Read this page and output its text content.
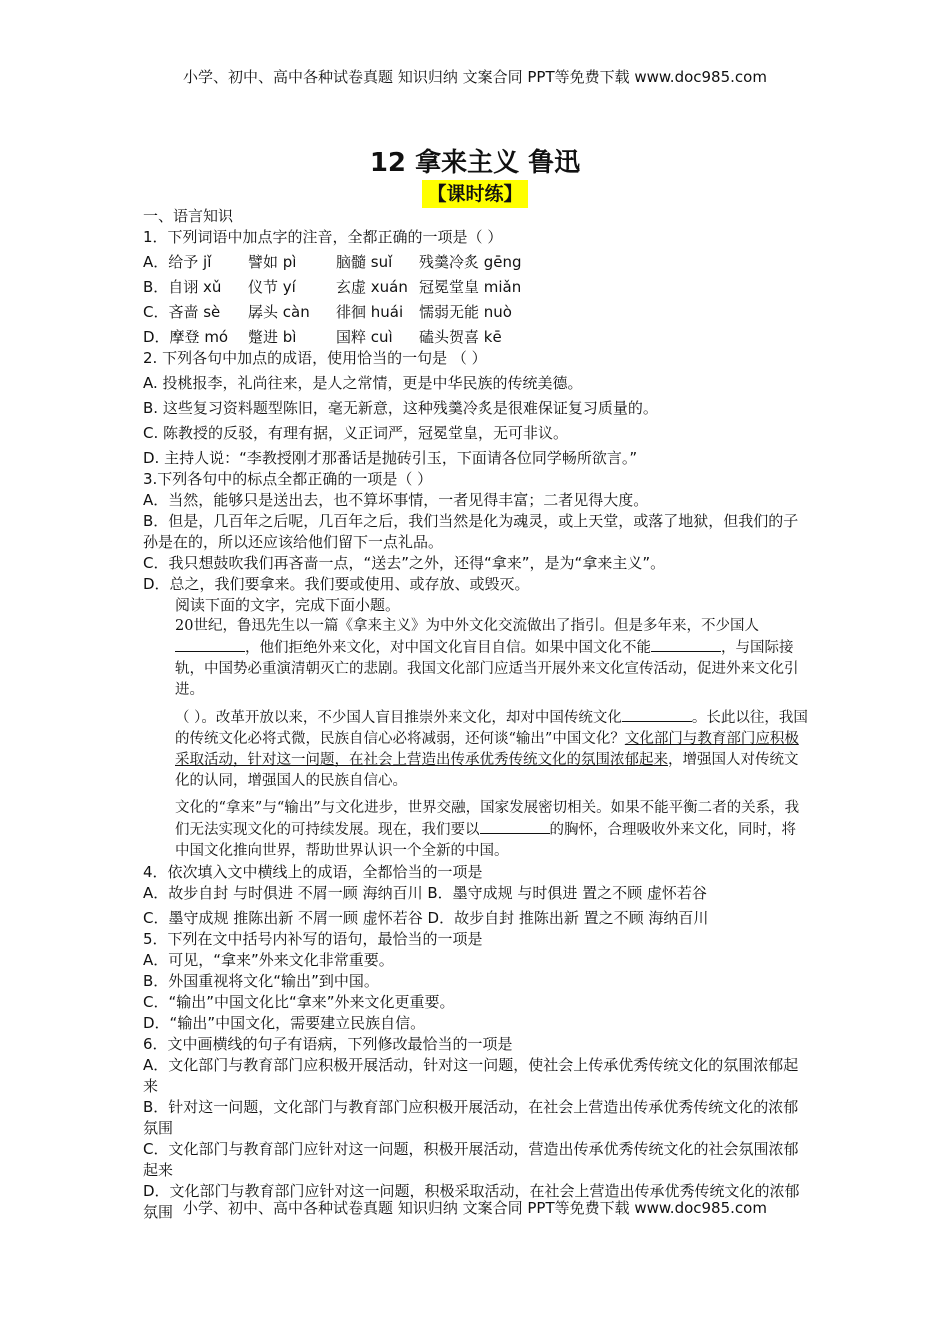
小学、初中、高中各种试卷真题 知识归纳 文案合同 PPT等免费下载 www.doc985.com
12 拿来主义 鲁迅
【课时练】
一、语言知识
1．下列词语中加点字的注音，全都正确的一项是（ ）
A．给予 jǐ 譬如 pì	脑髓 suǐ 残羹冷炙 gēng
B．自诩 xǔ 仪节 yí	玄虚 xuán 冠冕堂皇 miǎn
C．吝啬 sè 孱头 càn 徘徊 huái 懦弱无能 nuò
D．摩登 mó 蹩进 bì	国粹 cuì 磕头贺喜 kē
2. 下列各句中加点的成语，使用恰当的一句是 （ ）
A. 投桃报李，礼尚往来，是人之常情，更是中华民族的传统美德。
B. 这些复习资料题型陈旧，毫无新意，这种残羹冷炙是很难保证复习质量的。
C. 陈教授的反驳，有理有据，义正词严，冠冕堂皇，无可非议。
D. 主持人说：“李教授刚才那番话是抛砖引玉，下面请各位同学畅所欲言。”
3.下列各句中的标点全都正确的一项是（ ）
A．当然，能够只是送出去，也不算坏事情，一者见得丰富；二者见得大度。
B．但是，几百年之后呢，几百年之后，我们当然是化为魂灵，或上天堂，或落了地狱，但我们的子孙是在的，所以还应该给他们留下一点礼品。
C．我只想鼓吹我们再吝啬一点，“送去”之外，还得“拿来”，是为“拿来主义”。
D．总之，我们要拿来。我们要或使用、或存放、或毁灭。
阅读下面的文字，完成下面小题。
20世纪，鲁迅先生以一篇《拿来主义》为中外文化交流做出了指引。但是多年来，不少国人，他们拒绝外来文化，对中国文化盲目自信。如果中国文化不能	，与国际接轨，中国势必重演清朝灭亡的悲剧。我国文化部门应适当开展外来文化宣传活动，促进外来文化引进。
（ ）。改革开放以来，不少国人盲目推崇外来文化，却对中国传统文化	。长此以往，我国的传统文化必将式微，民族自信心必将减弱，还何谈“输出”中国文化？文化部门与教育部门应积极采取活动，针对这一问题，在社会上营造出传承优秀传统文化的氛围浓郁起来，增强国人对传统文化的认同，增强国人的民族自信心。
文化的“拿来”与“输出”与文化进步，世界交融，国家发展密切相关。如果不能平衡二者的关系，我们无法实现文化的可持续发展。现在，我们要以	的胸怀，合理吸收外来文化，同时，将中国文化推向世界，帮助世界认识一个全新的中国。
4．依次填入文中横线上的成语，全都恰当的一项是
A．故步自封 与时俱进 不屑一顾 海纳百川 B．墨守成规 与时俱进 置之不顾 虚怀若谷
C．墨守成规 推陈出新 不屑一顾 虚怀若谷 D．故步自封 推陈出新 置之不顾 海纳百川
5．下列在文中括号内补写的语句，最恰当的一项是
A．可见，“拿来”外来文化非常重要。
B．外国重视将文化“输出”到中国。
C．“输出”中国文化比“拿来”外来文化更重要。
D．“输出”中国文化，需要建立民族自信。
6．文中画横线的句子有语病，下列修改最恰当的一项是
A．文化部门与教育部门应积极开展活动，针对这一问题，使社会上传承优秀传统文化的氛围浓郁起来
B．针对这一问题，文化部门与教育部门应积极开展活动，在社会上营造出传承优秀传统文化的浓郁氛围
C．文化部门与教育部门应针对这一问题，积极开展活动，营造出传承优秀传统文化的社会氛围浓郁起来
D．文化部门与教育部门应针对这一问题，积极采取活动，在社会上营造出传承优秀传统文化的浓郁氛围 小学、初中、高中各种试卷真题 知识归纳 文案合同 PPT等免费下载 www.doc985.com
